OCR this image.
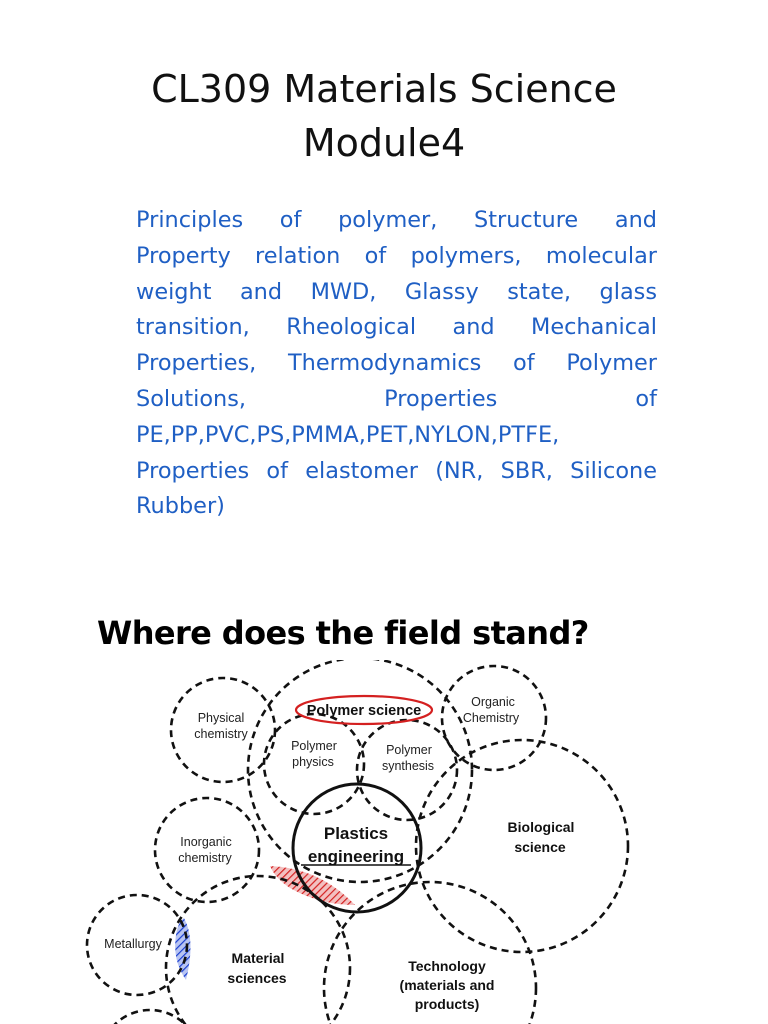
CL309 Materials Science
Module4

Principles of polymer, Structure and
Property relation of polymers, molecular
weight and MWD, Glassy state, glass
transition, Rheological and Mechanical
Properties, Thermodynamics of Polymer
Solutions, Properties of
PE,PP,PVC,PS,PMMA,PET,NYLON,PTFE,
Properties of elastomer (NR, SBR, Silicone
Rubber)

Where does the field stand?
Polymer science
Organic
Chemistry
Physical
chemistry
Polymer
physics
Polymer
synthesis
Plastics
engineering
Biological
science
Inorganic
chemistry
Metallurgy
Material
sciences
Technology
(materials and
products)
